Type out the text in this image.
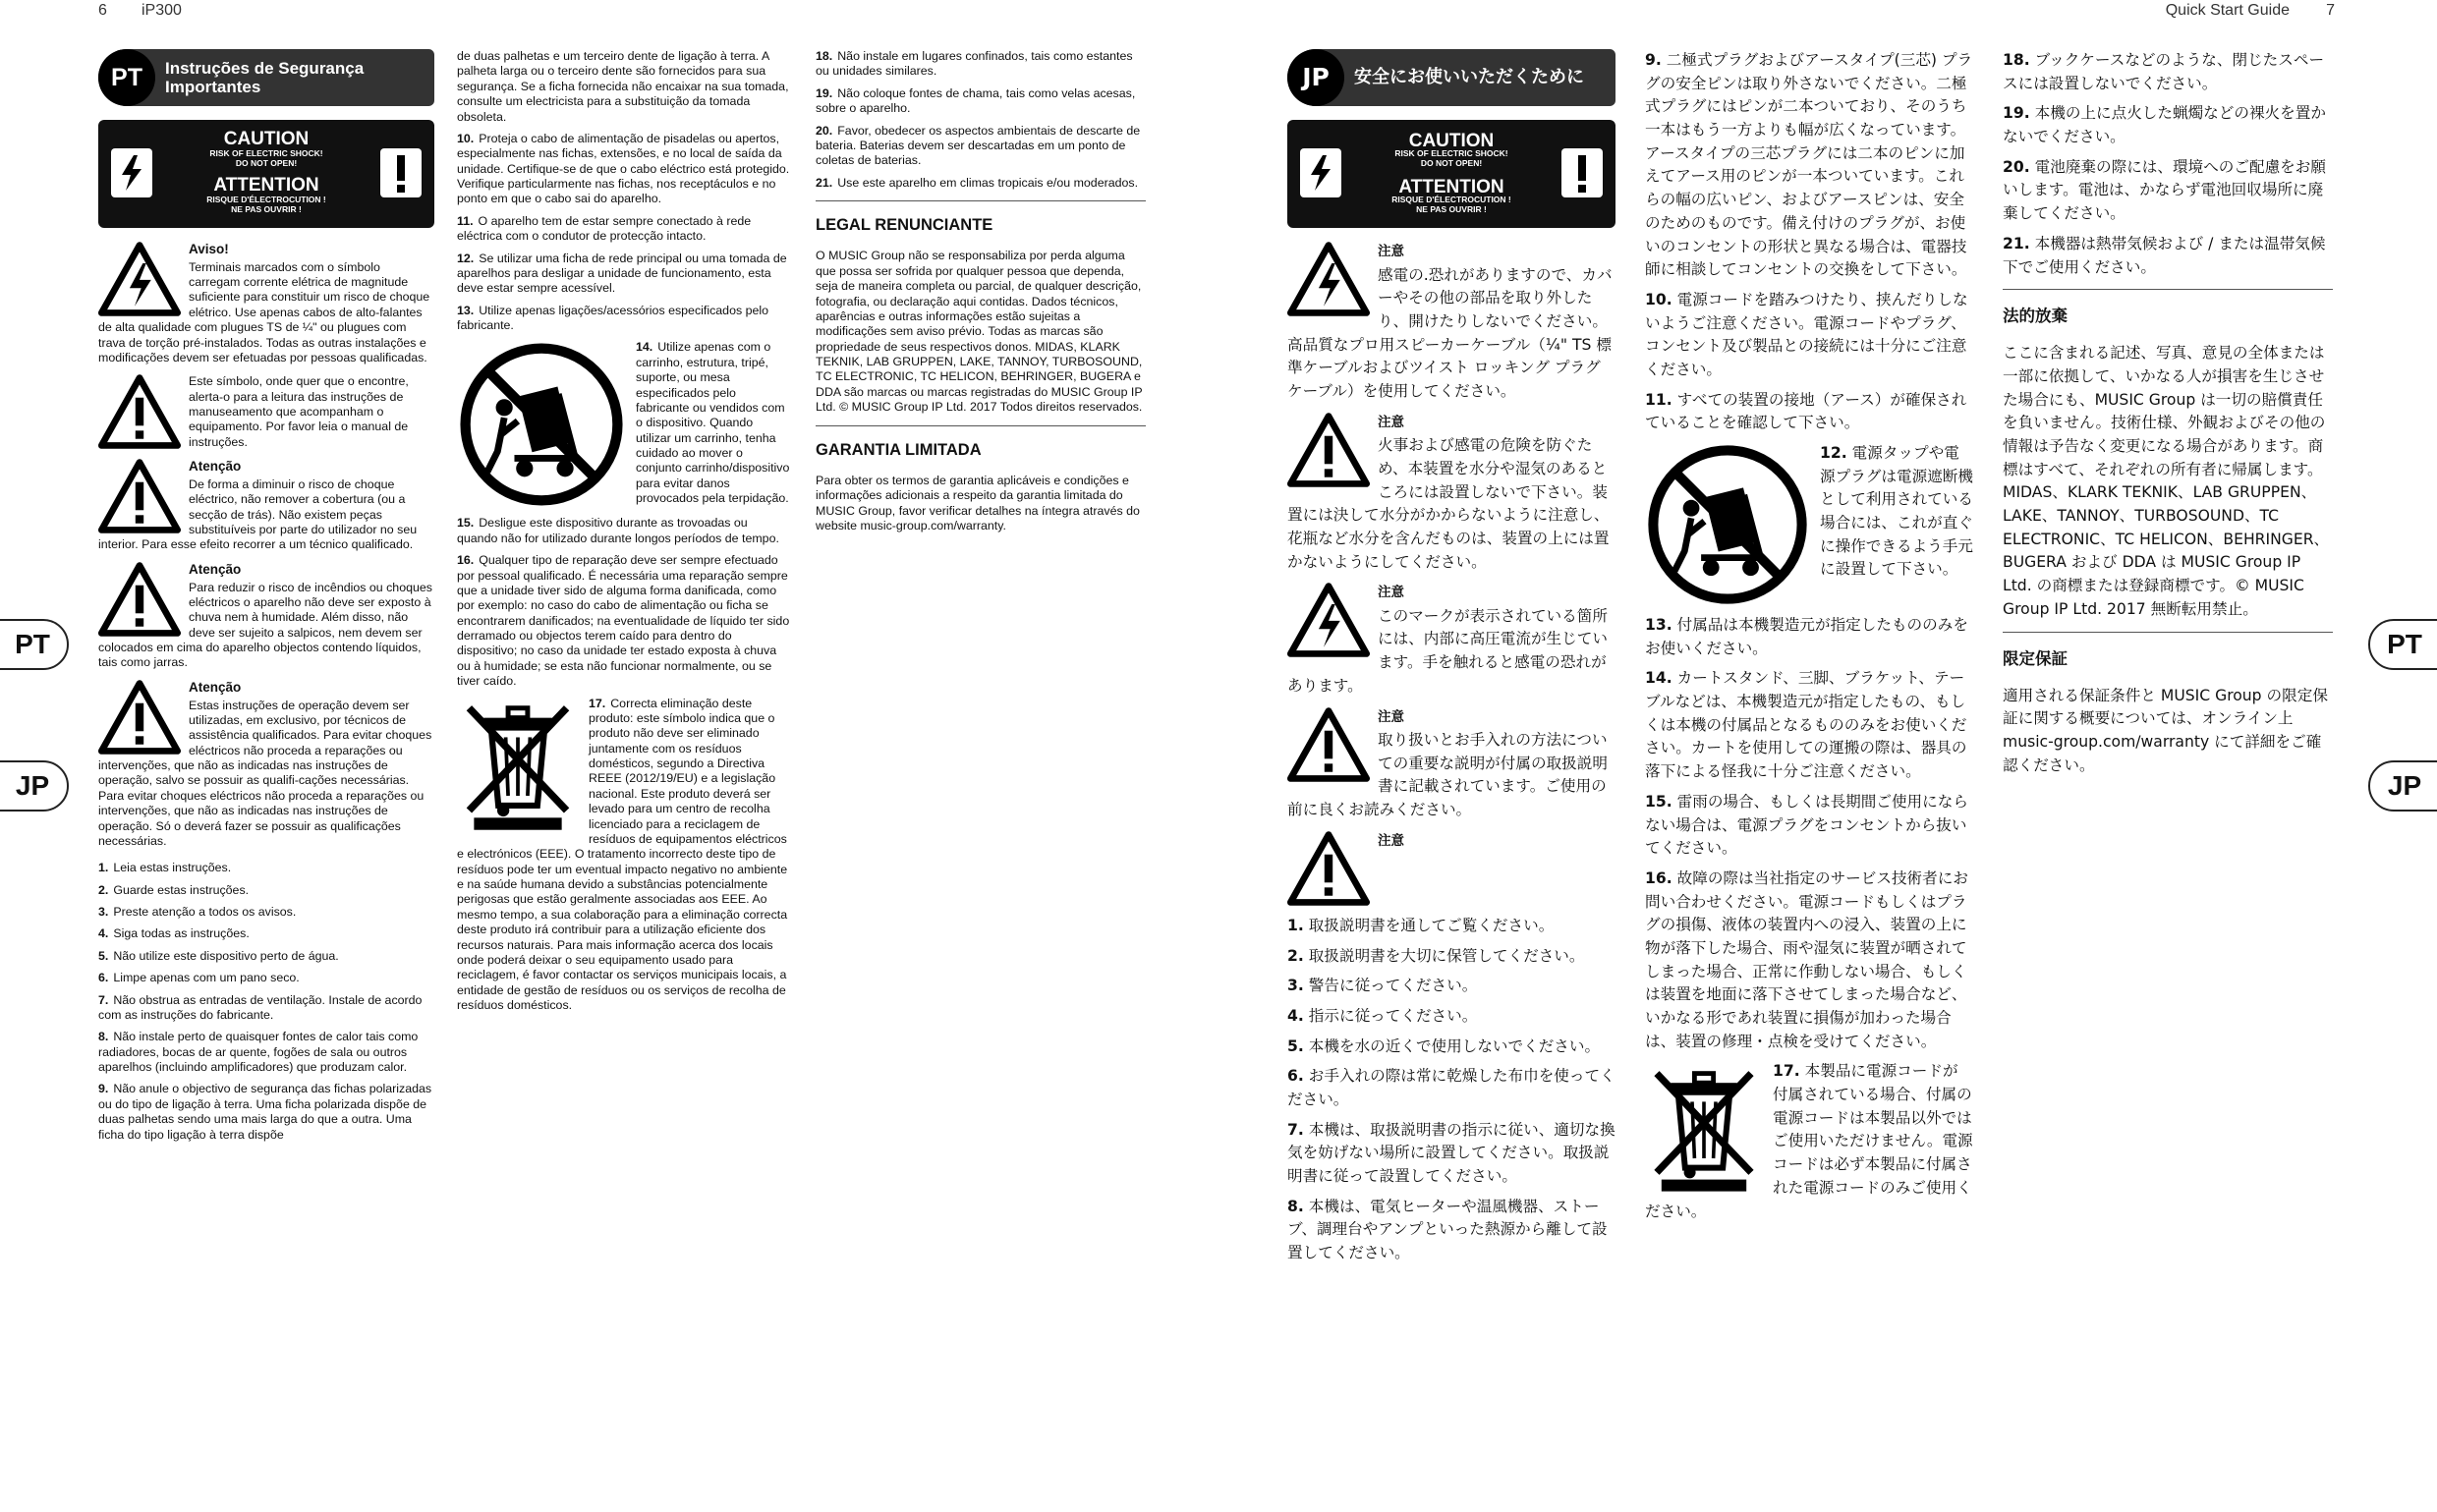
6 iP300
PT	Instruções de Segurança
Importantes
CAUTION
RISK OF ELECTRIC SHOCK!
DO NOT OPEN!
ATTENTION
RISQUE D'ÉLECTROCUTION !
NE PAS OUVRIR !
Aviso!
Terminais marcados com o símbolo carregam corrente elétrica de magnitude suficiente para constituir um risco de choque elétrico. Use apenas cabos de alto-falantes de alta qualidade com plugues TS de ¼" ou plugues com trava de torção pré-instalados. Todas as outras instalações e modificações devem ser efetuadas por pessoas qualificadas.
Este símbolo, onde quer que o encontre, alerta-o para a leitura das instruções de manuseamento que acompanham o equipamento. Por favor leia o manual de instruções.
Atenção
De forma a diminuir o risco de choque eléctrico, não remover a cobertura (ou a secção de trás). Não existem peças substituíveis por parte do utilizador no seu interior. Para esse efeito recorrer a um técnico qualificado.
Atenção
Para reduzir o risco de incêndios ou choques eléctricos o aparelho não deve ser exposto à chuva nem à humidade. Além disso, não deve ser sujeito a salpicos, nem devem ser colocados em cima do aparelho objectos contendo líquidos, tais como jarras.
Atenção
Estas instruções de operação devem ser utilizadas, em exclusivo, por técnicos de assistência qualificados. Para evitar choques eléctricos não proceda a reparações ou intervenções, que não as indicadas nas instruções de operação, salvo se possuir as qualifi-cações necessárias. Para evitar choques eléctricos não proceda a reparações ou intervenções, que não as indicadas nas instruções de operação. Só o deverá fazer se possuir as qualificações necessárias.

1. Leia estas instruções.

2. Guarde estas instruções.

3. Preste atenção a todos os avisos.

4. Siga todas as instruções.

5. Não utilize este dispositivo perto de água.

6. Limpe apenas com um pano seco.

7. Não obstrua as entradas de ventilação. Instale de acordo com as instruções do fabricante.

8. Não instale perto de quaisquer fontes de calor tais como radiadores, bocas de ar quente, fogões de sala ou outros aparelhos (incluindo amplificadores) que produzam calor.

9. Não anule o objectivo de segurança das fichas polarizadas ou do tipo de ligação à terra. Uma ficha polarizada dispõe de duas palhetas sendo uma mais larga do que a outra. Uma ficha do tipo ligação à terra dispõe

de duas palhetas e um terceiro dente de ligação à terra. A palheta larga ou o terceiro dente são fornecidos para sua segurança. Se a ficha fornecida não encaixar na sua tomada, consulte um electricista para a substituição da tomada obsoleta.

10. Proteja o cabo de alimentação de pisadelas ou apertos, especialmente nas fichas, extensões, e no local de saída da unidade. Certifique-se de que o cabo eléctrico está protegido. Verifique particularmente nas fichas, nos receptáculos e no ponto em que o cabo sai do aparelho.

11. O aparelho tem de estar sempre conectado à rede eléctrica com o condutor de protecção intacto.

12. Se utilizar uma ficha de rede principal ou uma tomada de aparelhos para desligar a unidade de funcionamento, esta deve estar sempre acessível.

13. Utilize apenas ligações/acessórios especificados pelo fabricante.

14. Utilize apenas com o carrinho, estrutura, tripé, suporte, ou mesa especificados pelo fabricante ou vendidos com o dispositivo. Quando utilizar um carrinho, tenha cuidado ao mover o conjunto carrinho/dispositivo para evitar danos provocados pela terpidação.

15. Desligue este dispositivo durante as trovoadas ou quando não for utilizado durante longos períodos de tempo.

16. Qualquer tipo de reparação deve ser sempre efectuado por pessoal qualificado. É necessária uma reparação sempre que a unidade tiver sido de alguma forma danificada, como por exemplo: no caso do cabo de alimentação ou ficha se encontrarem danificados; na eventualidade de líquido ter sido derramado ou objectos terem caído para dentro do dispositivo; no caso da unidade ter estado exposta à chuva ou à humidade; se esta não funcionar normalmente, ou se tiver caído.

17. Correcta eliminação deste produto: este símbolo indica que o produto não deve ser eliminado juntamente com os resíduos domésticos, segundo a Directiva REEE (2012/19/EU) e a legislação nacional. Este produto deverá ser levado para um centro de recolha licenciado para a reciclagem de resíduos de equipamentos eléctricos e electrónicos (EEE). O tratamento incorrecto deste tipo de resíduos pode ter um eventual impacto negativo no ambiente e na saúde humana devido a substâncias potencialmente perigosas que estão geralmente associadas aos EEE. Ao mesmo tempo, a sua colaboração para a eliminação correcta deste produto irá contribuir para a utilização eficiente dos recursos naturais. Para mais informação acerca dos locais onde poderá deixar o seu equipamento usado para reciclagem, é favor contactar os serviços municipais locais, a entidade de gestão de resíduos ou os serviços de recolha de resíduos domésticos.

18. Não instale em lugares confinados, tais como estantes ou unidades similares.

19. Não coloque fontes de chama, tais como velas acesas, sobre o aparelho.

20. Favor, obedecer os aspectos ambientais de descarte de bateria. Baterias devem ser descartadas em um ponto de coletas de baterias.

21. Use este aparelho em climas tropicais e/ou moderados.

LEGAL RENUNCIANTE

O MUSIC Group não se responsabiliza por perda alguma que possa ser sofrida por qualquer pessoa que dependa, seja de maneira completa ou parcial, de qualquer descrição, fotografia, ou declaração aqui contidas. Dados técnicos, aparências e outras informações estão sujeitas a modificações sem aviso prévio. Todas as marcas são propriedade de seus respectivos donos. MIDAS, KLARK TEKNIK, LAB GRUPPEN, LAKE, TANNOY, TURBOSOUND, TC ELECTRONIC, TC HELICON, BEHRINGER, BUGERA e DDA são marcas ou marcas registradas do MUSIC Group IP Ltd. © MUSIC Group IP Ltd. 2017 Todos direitos reservados.

GARANTIA LIMITADA

Para obter os termos de garantia aplicáveis e condições e informações adicionais a respeito da garantia limitada do MUSIC Group, favor verificar detalhes na íntegra através do website music-group.com/warranty.

Quick Start Guide 7
JP	安全にお使いいただくために
CAUTION
RISK OF ELECTRIC SHOCK!
DO NOT OPEN!
ATTENTION
RISQUE D'ÉLECTROCUTION !
NE PAS OUVRIR !
注意
感電の.恐れがありますので、カバーやその他の部品を取り外したり、開けたりしないでください。高品質なプロ用スピーカーケーブル（¼" TS 標準ケーブルおよびツイスト ロッキング プラグケーブル）を使用してください。
注意
火事および感電の危険を防ぐため、本装置を水分や湿気のあるところには設置しないで下さい。装置には決して水分がかからないように注意し、花瓶など水分を含んだものは、装置の上には置かないようにしてください。
注意
このマークが表示されている箇所には、内部に高圧電流が生じています。手を触れると感電の恐れがあります。
注意
取り扱いとお手入れの方法についての重要な説明が付属の取扱説明書に記載されています。ご使用の前に良くお読みください。
注意

1. 取扱説明書を通してご覧ください。

2. 取扱説明書を大切に保管してください。

3. 警告に従ってください。

4. 指示に従ってください。

5. 本機を水の近くで使用しないでください。

6. お手入れの際は常に乾燥した布巾を使ってください。

7. 本機は、取扱説明書の指示に従い、適切な換気を妨げない場所に設置してください。取扱説明書に従って設置してください。

8. 本機は、電気ヒーターや温風機器、ストーブ、調理台やアンプといった熱源から離して設置してください。

9. 二極式プラグおよびアースタイプ(三芯) プラグの安全ピンは取り外さないでください。二極式プラグにはピンが二本ついており、そのうち一本はもう一方よりも幅が広くなっています。アースタイプの三芯プラグには二本のピンに加えてアース用のピンが一本ついています。これらの幅の広いピン、およびアースピンは、安全のためのものです。備え付けのプラグが、お使いのコンセントの形状と異なる場合は、電器技師に相談してコンセントの交換をして下さい。

10. 電源コードを踏みつけたり、挟んだりしないようご注意ください。電源コードやプラグ、コンセント及び製品との接続には十分にご注意ください。

11. すべての装置の接地（アース）が確保されていることを確認して下さい。

12. 電源タップや電源プラグは電源遮断機として利用されている場合には、これが直ぐに操作できるよう手元に設置して下さい。

13. 付属品は本機製造元が指定したもののみをお使いください。

14. カートスタンド、三脚、ブラケット、テーブルなどは、本機製造元が指定したもの、もしくは本機の付属品となるもののみをお使いください。カートを使用しての運搬の際は、器具の落下による怪我に十分ご注意ください。

15. 雷雨の場合、もしくは長期間ご使用にならない場合は、電源プラグをコンセントから抜いてください。

16. 故障の際は当社指定のサービス技術者にお問い合わせください。電源コードもしくはプラグの損傷、液体の装置内への浸入、装置の上に物が落下した場合、雨や湿気に装置が晒されてしまった場合、正常に作動しない場合、もしくは装置を地面に落下させてしまった場合など、いかなる形であれ装置に損傷が加わった場合は、装置の修理・点検を受けてください。

17. 本製品に電源コードが付属されている場合、付属の電源コードは本製品以外ではご使用いただけません。電源コードは必ず本製品に付属された電源コードのみご使用ください。

18. ブックケースなどのような、閉じたスペースには設置しないでください。

19. 本機の上に点火した蝋燭などの裸火を置かないでください。

20. 電池廃棄の際には、環境へのご配慮をお願いします。電池は、かならず電池回収場所に廃棄してください。

21. 本機器は熱帯気候および / または温帯気候下でご使用ください。

法的放棄

ここに含まれる記述、写真、意見の全体または一部に依拠して、いかなる人が損害を生じさせた場合にも、MUSIC Group は一切の賠償責任を負いません。技術仕様、外観およびその他の情報は予告なく変更になる場合があります。商標はすべて、それぞれの所有者に帰属します。MIDAS、KLARK TEKNIK、LAB GRUPPEN、LAKE、TANNOY、TURBOSOUND、TC ELECTRONIC、TC HELICON、BEHRINGER、BUGERA および DDA は MUSIC Group IP Ltd. の商標または登録商標です。© MUSIC Group IP Ltd. 2017 無断転用禁止。

限定保証

適用される保証条件と MUSIC Group の限定保証に関する概要については、オンライン上 music-group.com/warranty にて詳細をご確認ください。

PT
JP
PT
JP
